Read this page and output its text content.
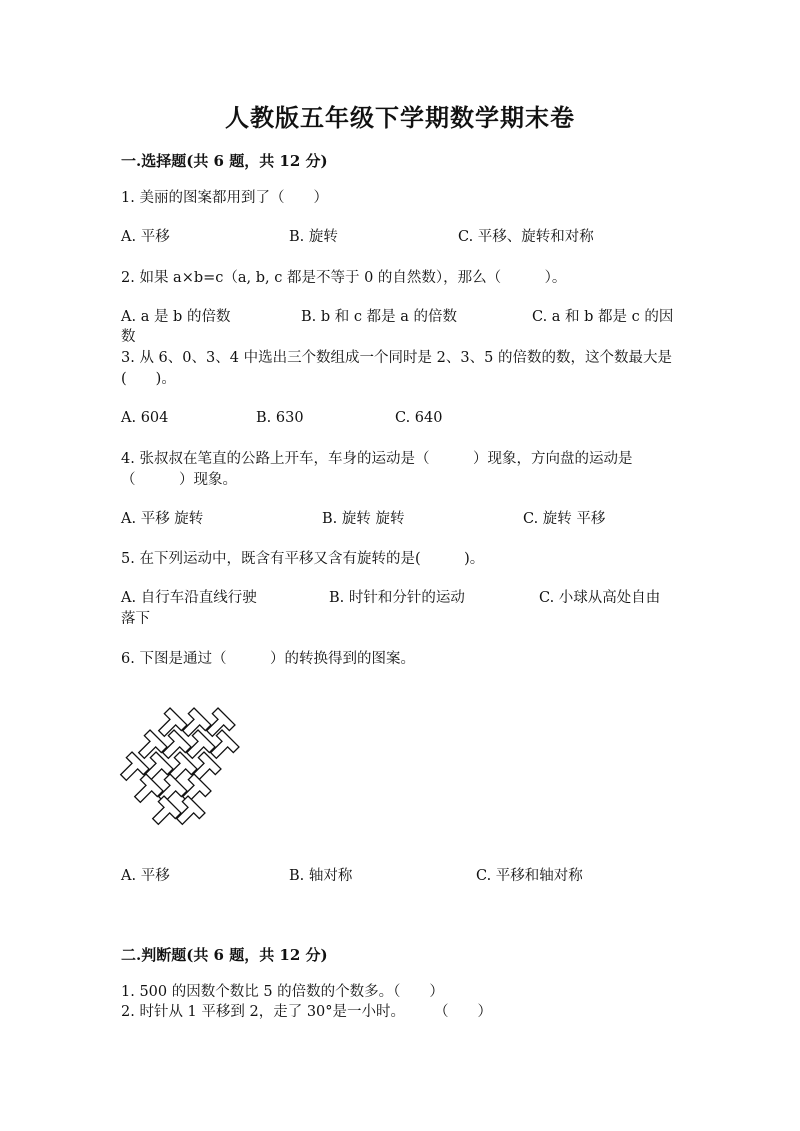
人教版五年级下学期数学期末卷
一.选择题(共 6 题，共 12 分)
1. 美丽的图案都用到了（　　）
A. 平移	B. 旋转	C. 平移、旋转和对称
2. 如果 a×b=c（a, b, c 都是不等于 0 的自然数），那么（　　　）。
A. a 是 b 的倍数	B. b 和 c 都是 a 的倍数	C. a 和 b 都是 c 的因
数
3. 从 6、0、3、4 中选出三个数组成一个同时是 2、3、5 的倍数的数，这个数最大是(　　)。
A. 604	B. 630	C. 640
4. 张叔叔在笔直的公路上开车，车身的运动是（　　　）现象，方向盘的运动是（　　　）现象。
A. 平移 旋转	B. 旋转 旋转	C. 旋转 平移
5. 在下列运动中，既含有平移又含有旋转的是(　　　)。
A. 自行车沿直线行驶	B. 时针和分针的运动	C. 小球从高处自由
落下
6. 下图是通过（　　　）的转换得到的图案。
A. 平移	B. 轴对称	C. 平移和轴对称
二.判断题(共 6 题，共 12 分)
1. 500 的因数个数比 5 的倍数的个数多。（　　）
2. 时针从 1 平移到 2，走了 30°是一小时。　　　（　　）
